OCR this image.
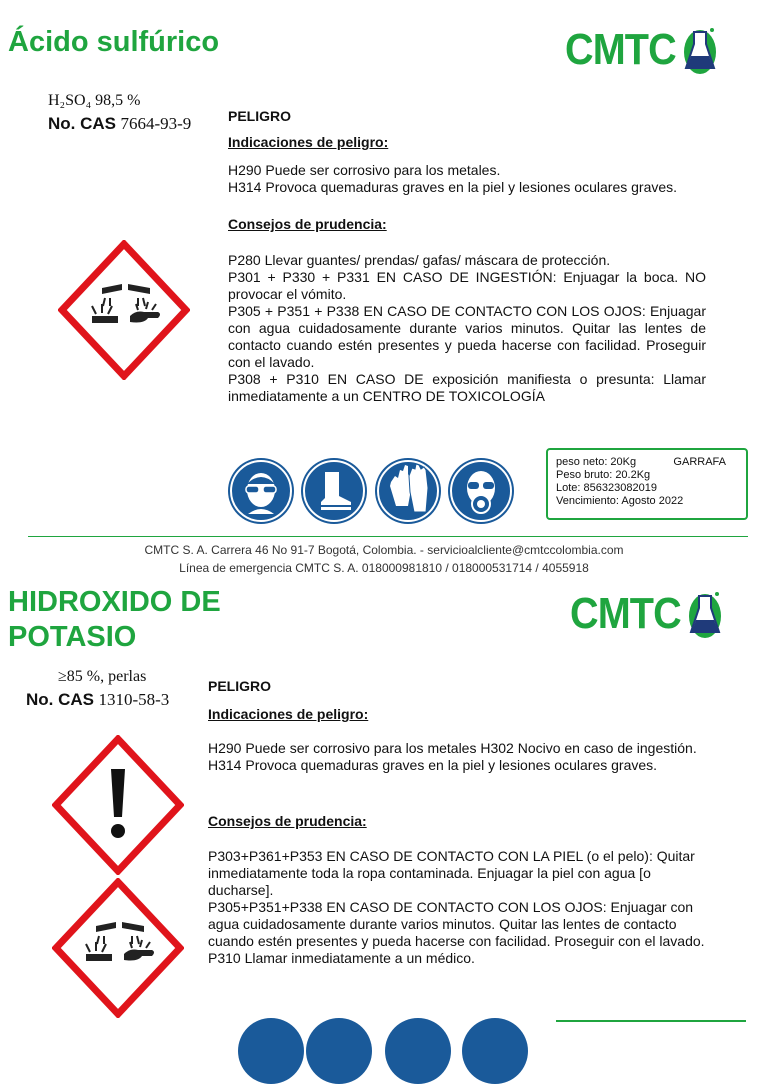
Ácido sulfúrico	CMTC
H₂SO₄ 98,5 %
No. CAS 7664-93-9	PELIGRO
Indicaciones de peligro:

H290 Puede ser corrosivo para los metales.

H314 Provoca quemaduras graves en la piel y lesiones oculares graves.

Consejos de prudencia:

P280 Llevar guantes/ prendas/ gafas/ máscara de protección.

P301 + P330 + P331 EN CASO DE INGESTIÓN: Enjuagar la boca. NO provocar el vómito.

P305 + P351 + P338 EN CASO DE CONTACTO CON LOS OJOS: Enjuagar con agua cuidadosamente durante varios minutos. Quitar las lentes de contacto cuando estén presentes y pueda hacerse con facilidad. Proseguir con el lavado.

P308 + P310 EN CASO DE exposición manifiesta o presunta: Llamar inmediatamente a un CENTRO DE TOXICOLOGÍA

peso neto: 20Kg	GARRAFA
Peso bruto: 20.2Kg
Lote: 856323082019
Vencimiento: Agosto 2022
CMTC S. A. Carrera 46 No 91-7 Bogotá, Colombia. - servicioalcliente@cmtccolombia.com
Línea de emergencia CMTC S. A. 018000981810 / 018000531714 / 4055918
HIDROXIDO DE
POTASIO	CMTC
≥85 %, perlas
No. CAS 1310-58-3
PELIGRO
Indicaciones de peligro:

H290 Puede ser corrosivo para los metales H302 Nocivo en caso de ingestión.

H314 Provoca quemaduras graves en la piel y lesiones oculares graves.

Consejos de prudencia:

P303+P361+P353 EN CASO DE CONTACTO CON LA PIEL (o el pelo): Quitar inmediatamente toda la ropa contaminada. Enjuagar la piel con agua [o ducharse].

P305+P351+P338 EN CASO DE CONTACTO CON LOS OJOS: Enjuagar con agua cuidadosamente durante varios minutos. Quitar las lentes de contacto cuando estén presentes y pueda hacerse con facilidad. Proseguir con el lavado.

P310 Llamar inmediatamente a un médico.
